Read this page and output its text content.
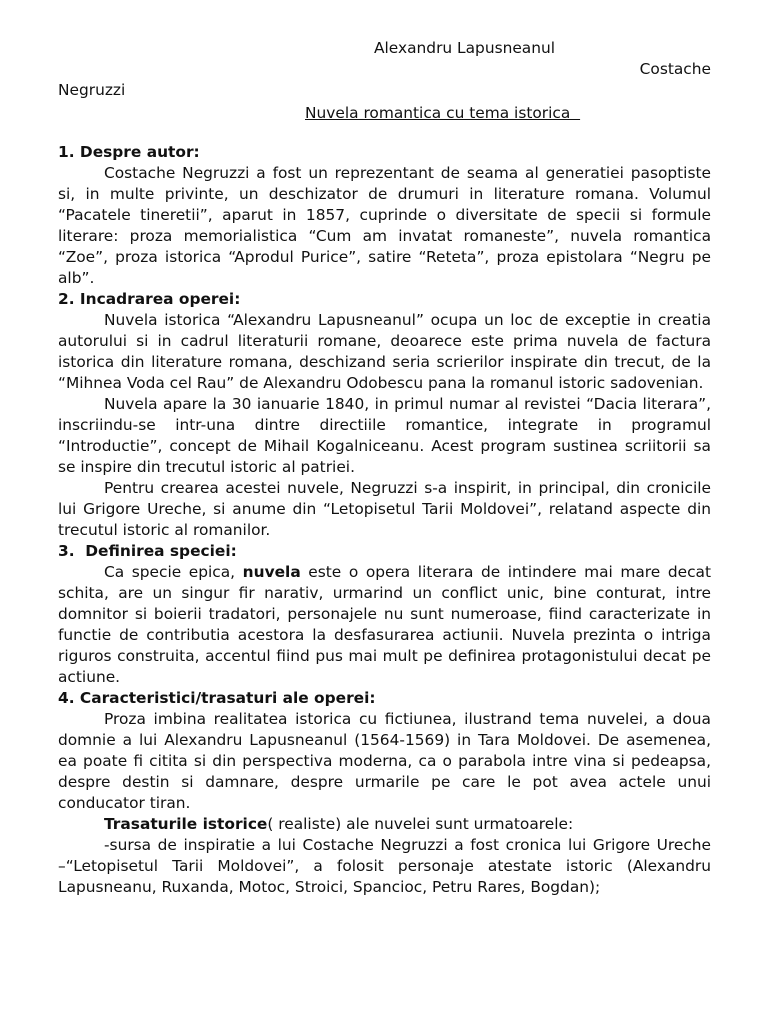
Alexandru Lapusneanul
Costache
Negruzzi
Nuvela romantica cu tema istorica
1. Despre autor:
Costache Negruzzi a fost un reprezentant de seama al generatiei pasoptiste si, in multe privinte, un deschizator de drumuri in literature romana. Volumul “Pacatele tineretii”, aparut in 1857, cuprinde o diversitate de specii si formule literare: proza memorialistica “Cum am invatat romaneste”, nuvela romantica “Zoe”, proza istorica “Aprodul Purice”, satire “Reteta”, proza epistolara “Negru pe alb”.
2. Incadrarea operei:
Nuvela istorica “Alexandru Lapusneanul” ocupa un loc de exceptie in creatia autorului si in cadrul literaturii romane, deoarece este prima nuvela de factura istorica din literature romana, deschizand seria scrierilor inspirate din trecut, de la “Mihnea Voda cel Rau” de Alexandru Odobescu pana la romanul istoric sadovenian.
Nuvela apare la 30 ianuarie 1840, in primul numar al revistei “Dacia literara”, inscriindu-se intr-una dintre directiile romantice, integrate in programul “Introductie”, concept de Mihail Kogalniceanu. Acest program sustinea scriitorii sa se inspire din trecutul istoric al patriei.
Pentru crearea acestei nuvele, Negruzzi s-a inspirit, in principal, din cronicile lui Grigore Ureche, si anume din “Letopisetul Tarii Moldovei”, relatand aspecte din trecutul istoric al romanilor.
3.  Definirea speciei:
Ca specie epica, nuvela este o opera literara de intindere mai mare decat schita, are un singur fir narativ, urmarind un conflict unic, bine conturat, intre domnitor si boierii tradatori, personajele nu sunt numeroase, fiind caracterizate in functie de contributia acestora la desfasurarea actiunii. Nuvela prezinta o intriga riguros construita, accentul fiind pus mai mult pe definirea protagonistului decat pe actiune.
4. Caracteristici/trasaturi ale operei:
Proza imbina realitatea istorica cu fictiunea, ilustrand tema nuvelei, a doua domnie a lui Alexandru Lapusneanul (1564-1569) in Tara Moldovei. De asemenea, ea poate fi citita si din perspectiva moderna, ca o parabola intre vina si pedeapsa, despre destin si damnare, despre urmarile pe care le pot avea actele unui conducator tiran.
Trasaturile istorice( realiste) ale nuvelei sunt urmatoarele:
-sursa de inspiratie a lui Costache Negruzzi a fost cronica lui Grigore Ureche –“Letopisetul Tarii Moldovei”, a folosit personaje atestate istoric (Alexandru Lapusneanu, Ruxanda, Motoc, Stroici, Spancioc, Petru Rares, Bogdan);
